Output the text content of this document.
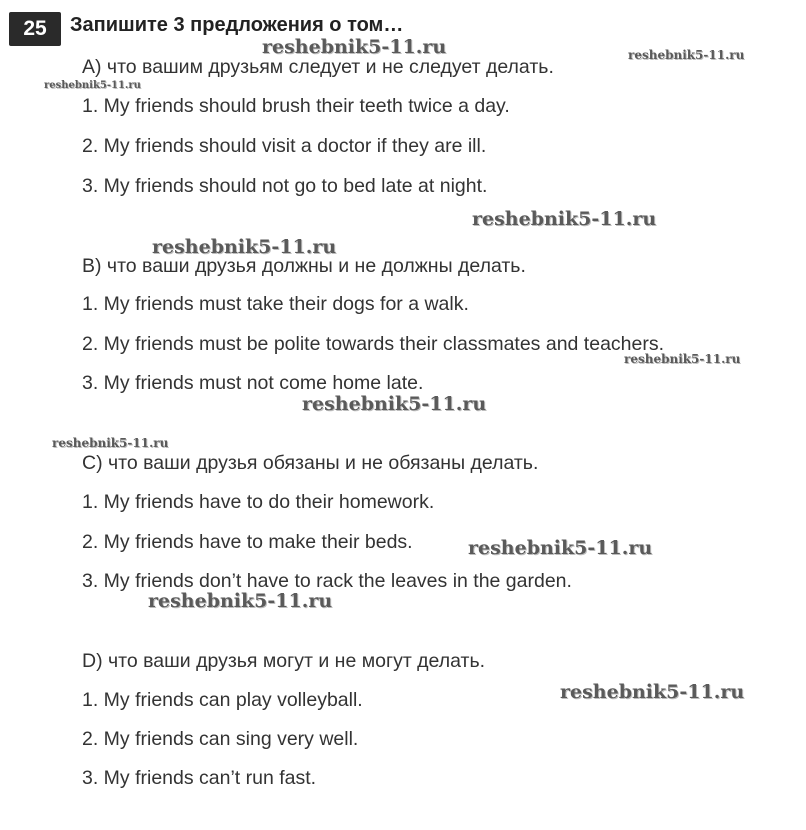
25	Запишите 3 предложения о том…
A) что вашим друзьям следует и не следует делать.
1. My friends should brush their teeth twice a day.
2. My friends should visit a doctor if they are ill.
3. My friends should not go to bed late at night.
B) что ваши друзья должны и не должны делать.
1. My friends must take their dogs for a walk.
2. My friends must be polite towards their classmates and teachers.
3. My friends must not come home late.
C) что ваши друзья обязаны и не обязаны делать.
1. My friends have to do their homework.
2. My friends have to make their beds.
3. My friends don’t have to rack the leaves in the garden.
D) что ваши друзья могут и не могут делать.
1. My friends can play volleyball.
2. My friends can sing very well.
3. My friends can’t run fast.
reshebnik5-11.ru	reshebnik5-11.ru
reshebnik5-11.ru
reshebnik5-11.ru
reshebnik5-11.ru
reshebnik5-11.ru
reshebnik5-11.ru
reshebnik5-11.ru
reshebnik5-11.ru
reshebnik5-11.ru
reshebnik5-11.ru
